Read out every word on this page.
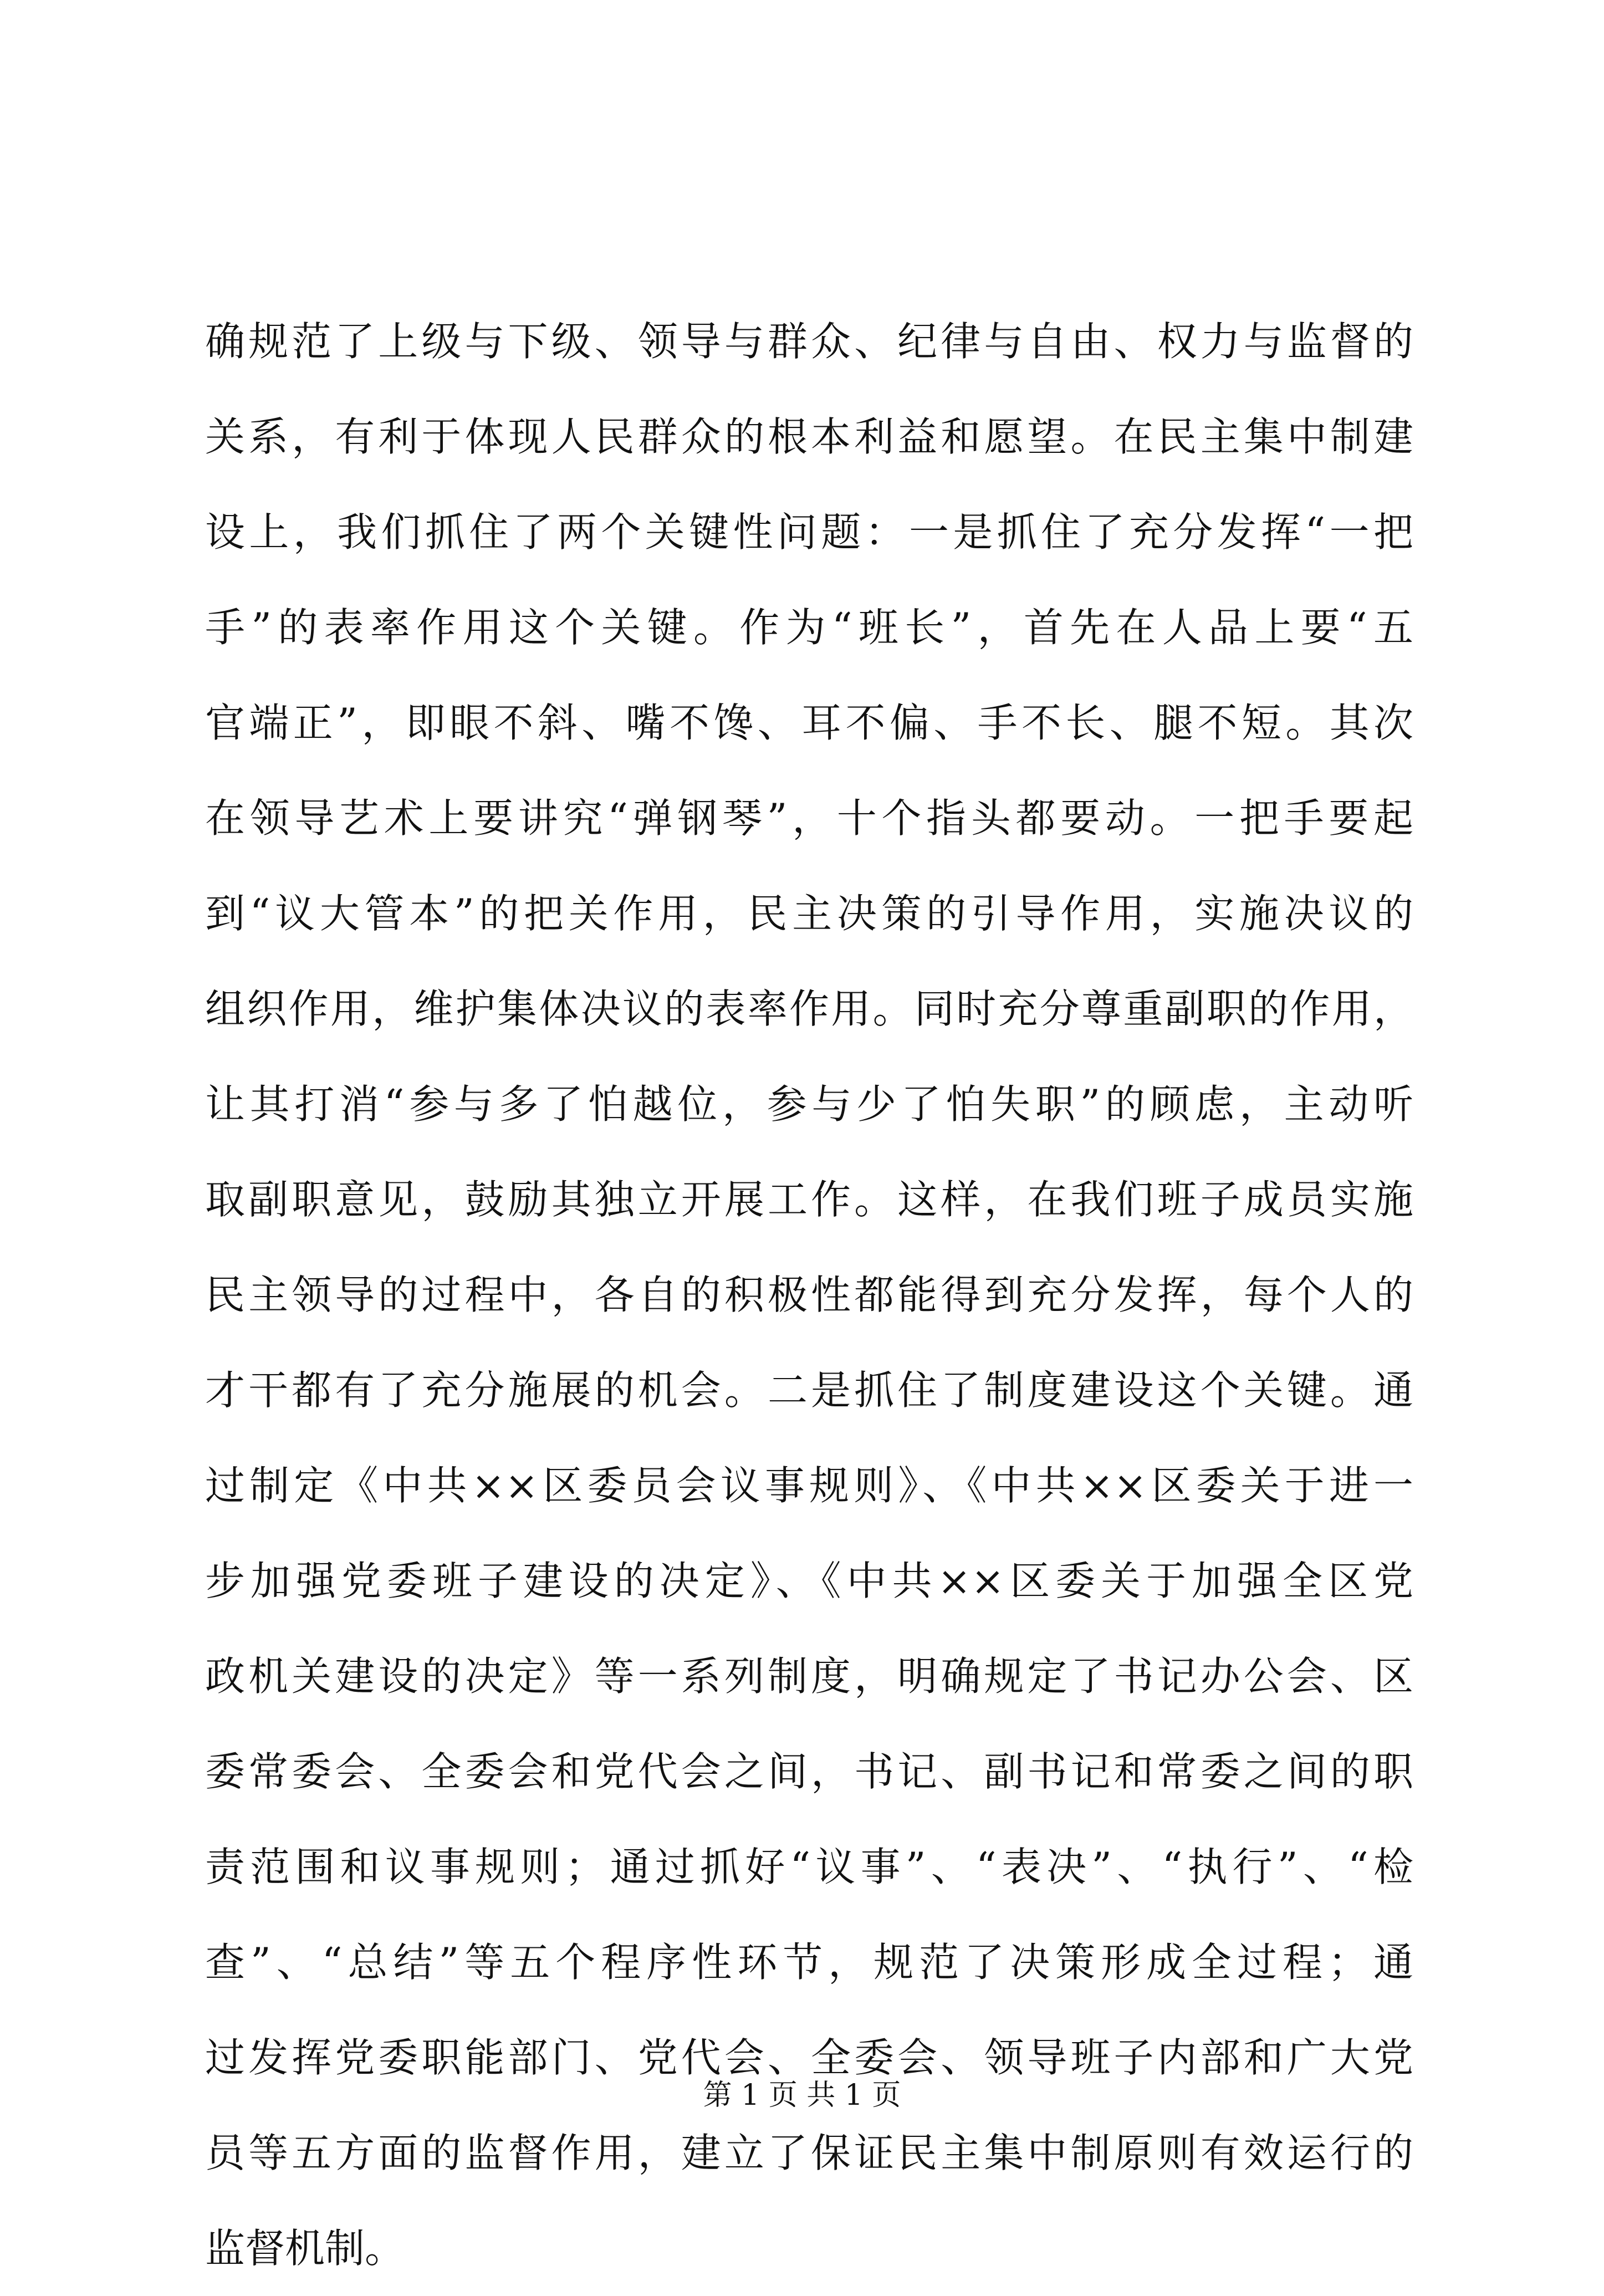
确规范了上级与下级、领导与群众、纪律与自由、权力与监督的
关系，有利于体现人民群众的根本利益和愿望。在民主集中制建
设上，我们抓住了两个关键性问题：一是抓住了充分发挥“一把
手”的表率作用这个关键。作为“班长”，首先在人品上要“五
官端正”，即眼不斜、嘴不馋、耳不偏、手不长、腿不短。其次
在领导艺术上要讲究“弹钢琴”，十个指头都要动。一把手要起
到“议大管本”的把关作用，民主决策的引导作用，实施决议的
组织作用，维护集体决议的表率作用。同时充分尊重副职的作用，
让其打消“参与多了怕越位，参与少了怕失职”的顾虑，主动听
取副职意见，鼓励其独立开展工作。这样，在我们班子成员实施
民主领导的过程中，各自的积极性都能得到充分发挥，每个人的
才干都有了充分施展的机会。二是抓住了制度建设这个关键。通
过制定《中共××区委员会议事规则》、《中共××区委关于进一
步加强党委班子建设的决定》、《中共××区委关于加强全区党
政机关建设的决定》等一系列制度，明确规定了书记办公会、区
委常委会、全委会和党代会之间，书记、副书记和常委之间的职
责范围和议事规则；通过抓好“议事”、“表决”、“执行”、“检
查”、“总结”等五个程序性环节，规范了决策形成全过程；通
过发挥党委职能部门、党代会、全委会、领导班子内部和广大党
员等五方面的监督作用，建立了保证民主集中制原则有效运行的
监督机制。
第 1 页 共 1 页
